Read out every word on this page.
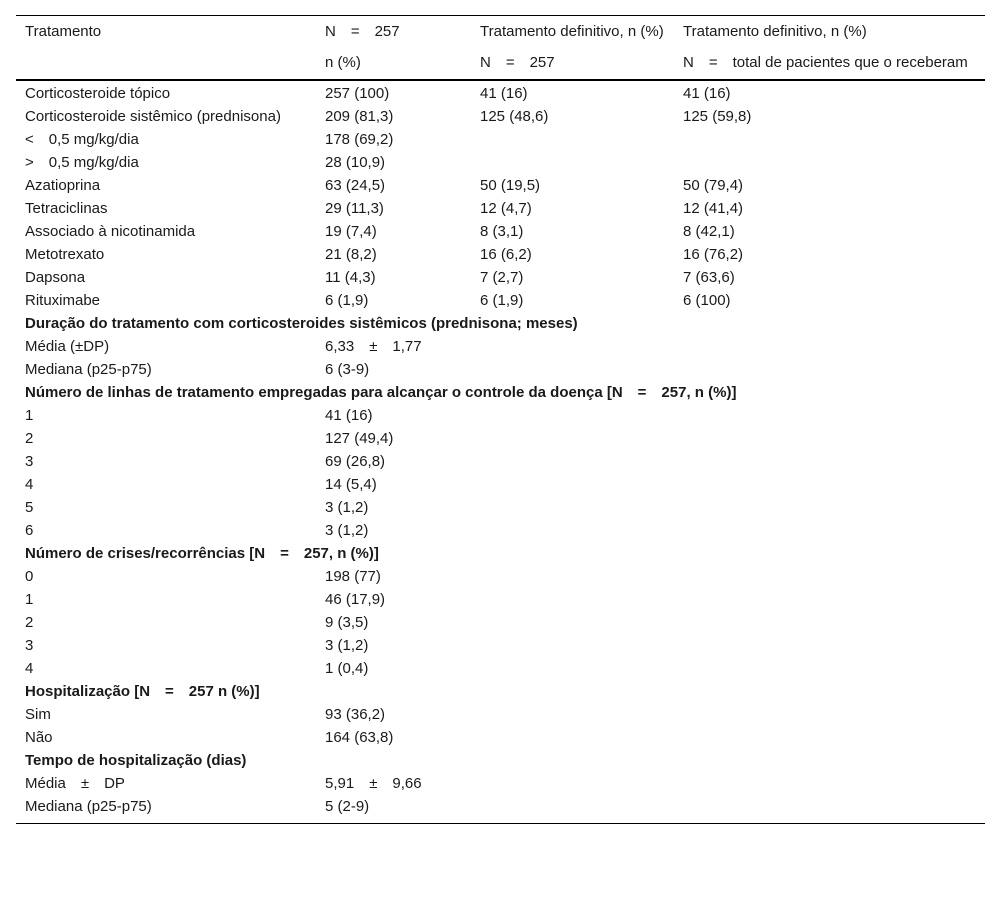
Tratamento	N = 257	Tratamento definitivo, n (%)	Tratamento definitivo, n (%)
	n (%)	N = 257	N = total de pacientes que o receberam
Corticosteroide tópico	257 (100)	41 (16)	41 (16)
Corticosteroide sistêmico (prednisona)	209 (81,3)	125 (48,6)	125 (59,8)
< 0,5 mg/kg/dia	178 (69,2)		
> 0,5 mg/kg/dia	28 (10,9)		
Azatioprina	63 (24,5)	50 (19,5)	50 (79,4)
Tetraciclinas	29 (11,3)	12 (4,7)	12 (41,4)
Associado à nicotinamida	19 (7,4)	8 (3,1)	8 (42,1)
Metotrexato	21 (8,2)	16 (6,2)	16 (76,2)
Dapsona	11 (4,3)	7 (2,7)	7 (63,6)
Rituximabe	6 (1,9)	6 (1,9)	6 (100)
Duração do tratamento com corticosteroides sistêmicos (prednisona; meses)			
Média (±DP)	6,33 ± 1,77		
Mediana (p25-p75)	6 (3-9)		
Número de linhas de tratamento empregadas para alcançar o controle da doença [N = 257, n (%)]			
1	41 (16)		
2	127 (49,4)		
3	69 (26,8)		
4	14 (5,4)		
5	3 (1,2)		
6	3 (1,2)		
Número de crises/recorrências [N = 257, n (%)]			
0	198 (77)		
1	46 (17,9)		
2	9 (3,5)		
3	3 (1,2)		
4	1 (0,4)		
Hospitalização [N = 257 n (%)]			
Sim	93 (36,2)		
Não	164 (63,8)		
Tempo de hospitalização (dias)			
Média ± DP	5,91 ± 9,66		
Mediana (p25-p75)	5 (2-9)		
